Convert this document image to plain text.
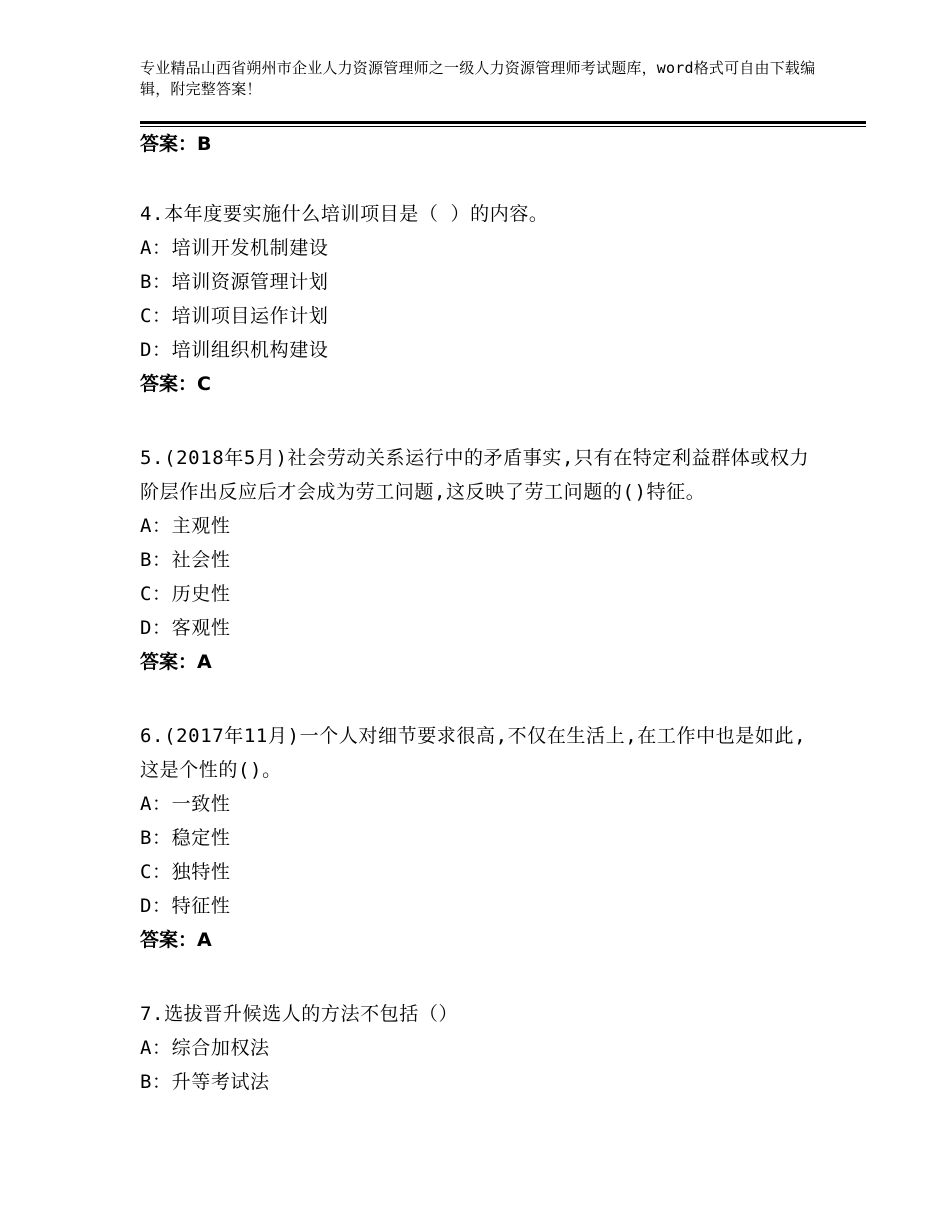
专业精品山西省朔州市企业人力资源管理师之一级人力资源管理师考试题库，word格式可自由下载编辑，附完整答案！

答案：B

4.本年度要实施什么培训项目是（ ）的内容。

A：培训开发机制建设

B：培训资源管理计划

C：培训项目运作计划

D：培训组织机构建设

答案：C

5.(2018年5月)社会劳动关系运行中的矛盾事实,只有在特定利益群体或权力阶层作出反应后才会成为劳工问题,这反映了劳工问题的()特征。

A：主观性

B：社会性

C：历史性

D：客观性

答案：A

6.(2017年11月)一个人对细节要求很高,不仅在生活上,在工作中也是如此,这是个性的()。

A：一致性

B：稳定性

C：独特性

D：特征性

答案：A

7.选拔晋升候选人的方法不包括（）

A：综合加权法

B：升等考试法
